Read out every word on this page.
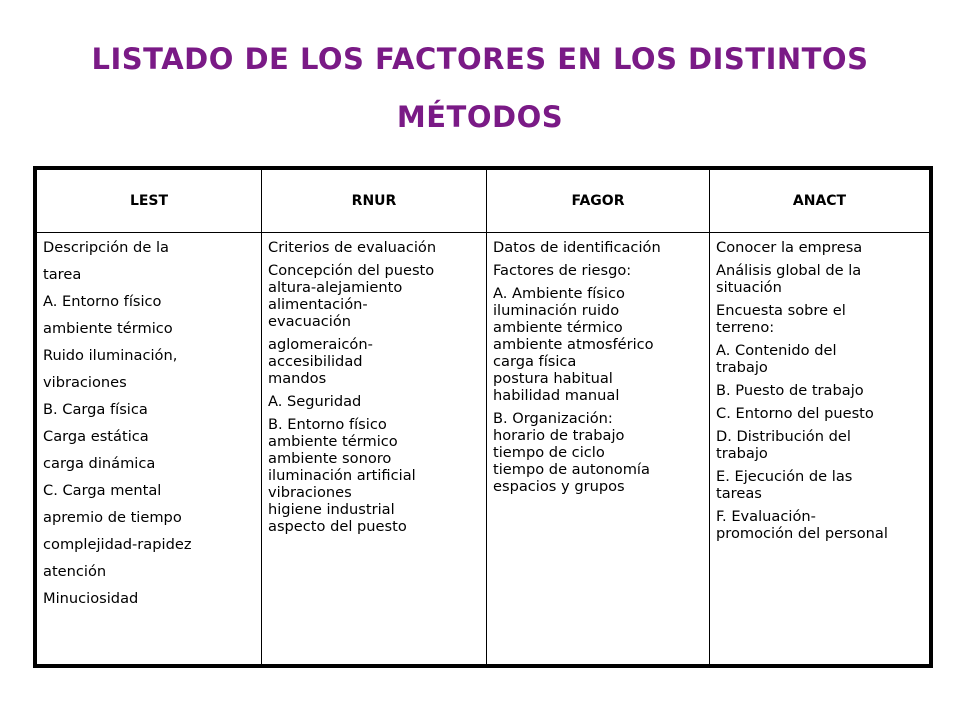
LISTADO DE LOS FACTORES EN LOS DISTINTOS
MÉTODOS
LEST
Descripción de la
tarea
A. Entorno físico
ambiente térmico
Ruido iluminación,
vibraciones
B. Carga física
Carga estática
carga dinámica
C. Carga mental
apremio de tiempo
complejidad-rapidez
atención
Minuciosidad
RNUR
Criterios de evaluación
Concepción del puesto
altura-alejamiento
alimentación-
evacuación
aglomeraicón-
accesibilidad
mandos
A. Seguridad
B. Entorno físico
ambiente térmico
ambiente sonoro
iluminación artificial
vibraciones
higiene industrial
aspecto del puesto
FAGOR
Datos de identificación
Factores de riesgo:
A. Ambiente físico
iluminación ruido
ambiente térmico
ambiente atmosférico
carga física
postura habitual
habilidad manual
B. Organización:
horario de trabajo
tiempo de ciclo
tiempo de autonomía
espacios y grupos
ANACT
Conocer la empresa
Análisis global de la
situación
Encuesta sobre el
terreno:
A. Contenido del
trabajo
B. Puesto de trabajo
C. Entorno del puesto
D. Distribución del
trabajo
E. Ejecución de las
tareas
F. Evaluación-
promoción del personal
